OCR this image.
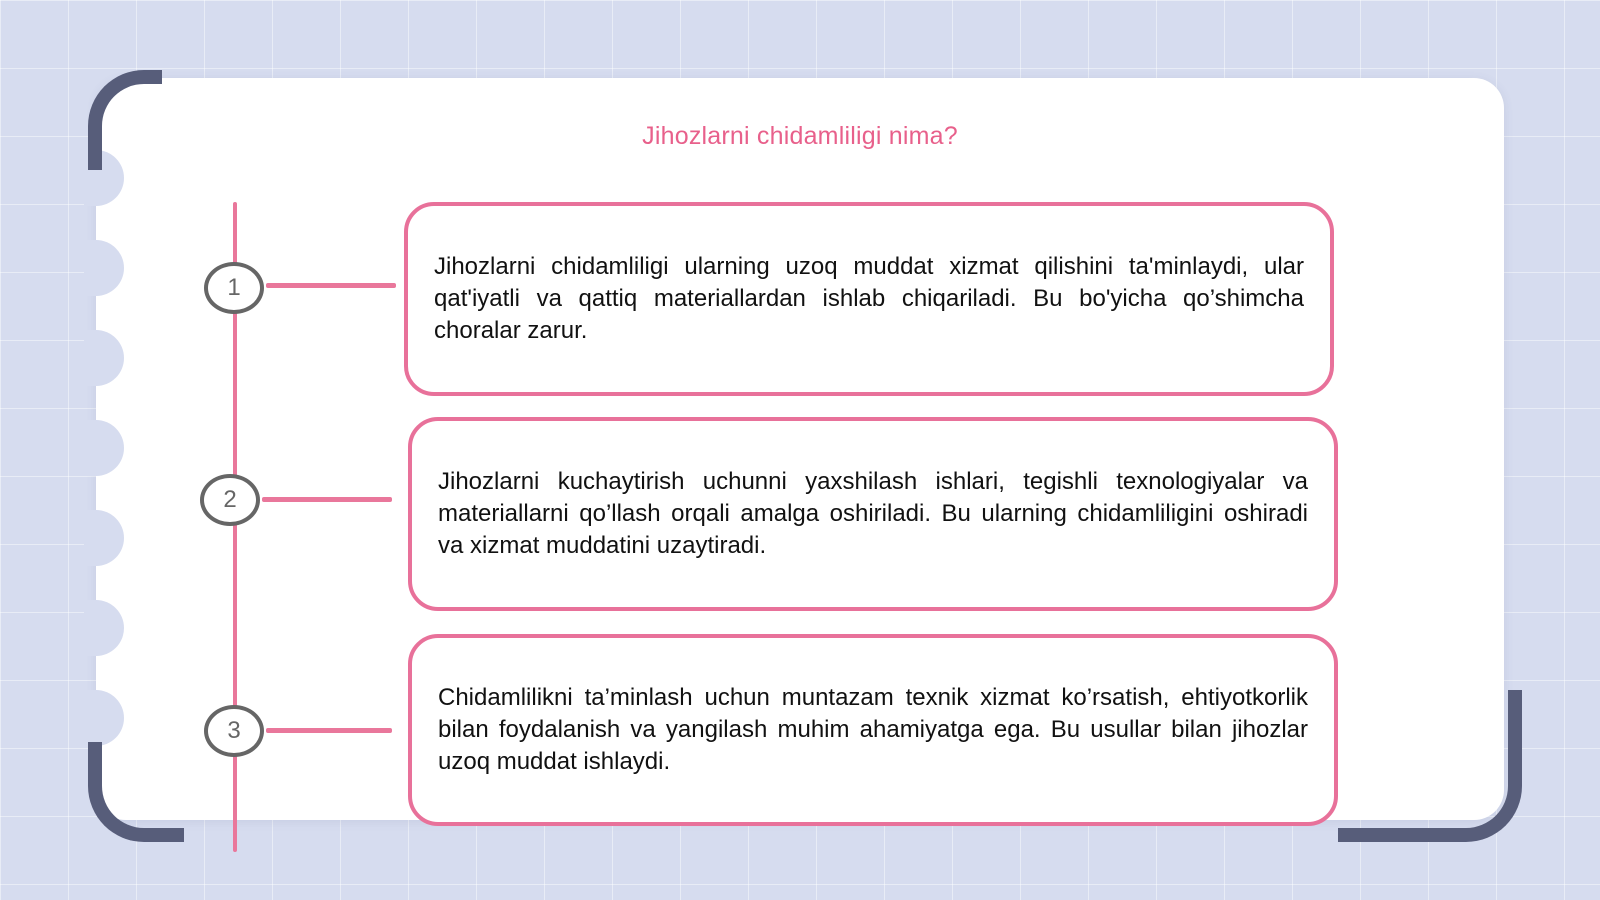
Jihozlarni chidamliligi nima?
1
2
3

Jihozlarni chidamliligi ularning uzoq muddat xizmat qilishini ta'minlaydi, ular qat'iyatli va qattiq materiallardan ishlab chiqariladi. Bu bo'yicha qo’shimcha choralar zarur.

Jihozlarni kuchaytirish uchunni yaxshilash ishlari, tegishli texnologiyalar va materiallarni qo’llash orqali amalga oshiriladi. Bu ularning chidamliligini oshiradi va xizmat muddatini uzaytiradi.

Chidamlilikni ta’minlash uchun muntazam texnik xizmat ko’rsatish, ehtiyotkorlik bilan foydalanish va yangilash muhim ahamiyatga ega. Bu usullar bilan jihozlar uzoq muddat ishlaydi.
